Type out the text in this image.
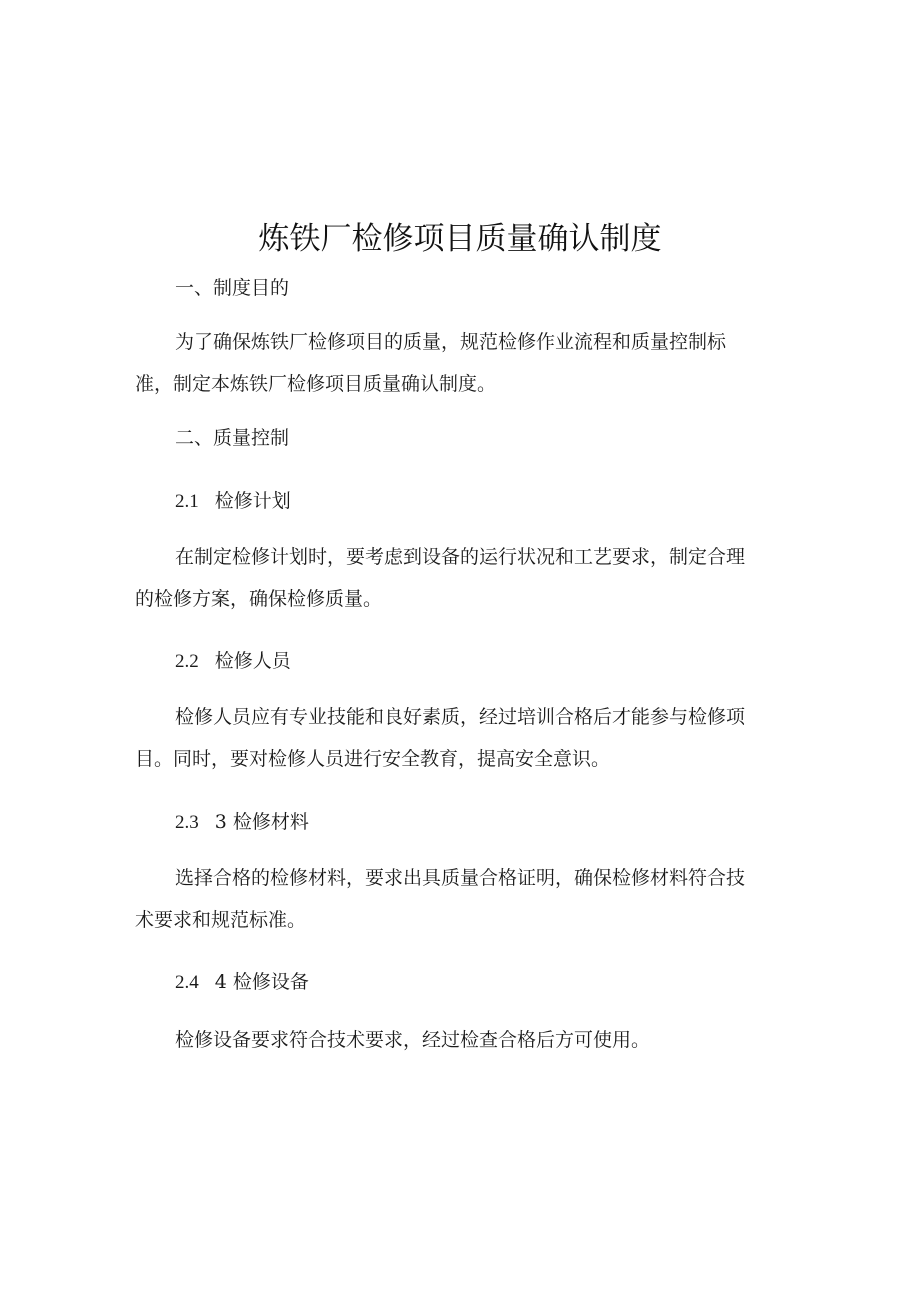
炼铁厂检修项目质量确认制度
一、制度目的
为了确保炼铁厂检修项目的质量，规范检修作业流程和质量控制标
准，制定本炼铁厂检修项目质量确认制度。
二、质量控制
2.1 检修计划
在制定检修计划时，要考虑到设备的运行状况和工艺要求，制定合理
的检修方案，确保检修质量。
2.2 检修人员
检修人员应有专业技能和良好素质，经过培训合格后才能参与检修项
目。同时，要对检修人员进行安全教育，提高安全意识。
2.3 3 检修材料
选择合格的检修材料，要求出具质量合格证明，确保检修材料符合技
术要求和规范标准。
2.4 4 检修设备
检修设备要求符合技术要求，经过检查合格后方可使用。
